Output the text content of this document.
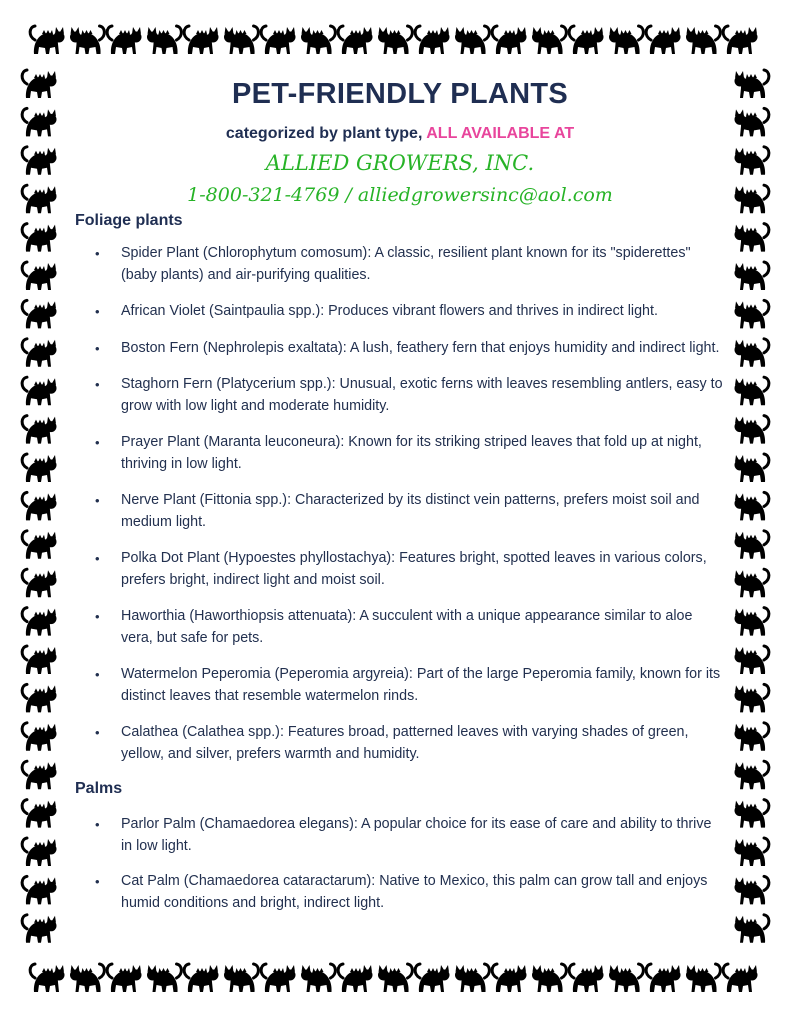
PET-FRIENDLY PLANTS
categorized by plant type, ALL AVAILABLE AT
ALLIED GROWERS, INC.
1-800-321-4769 / alliedgrowersinc@aol.com
Foliage plants
• Spider Plant (Chlorophytum comosum): A classic, resilient plant known for its "spiderettes" (baby plants) and air-purifying qualities.
• African Violet (Saintpaulia spp.): Produces vibrant flowers and thrives in indirect light.
• Boston Fern (Nephrolepis exaltata): A lush, feathery fern that enjoys humidity and indirect light.
• Staghorn Fern (Platycerium spp.): Unusual, exotic ferns with leaves resembling antlers, easy to grow with low light and moderate humidity.
• Prayer Plant (Maranta leuconeura): Known for its striking striped leaves that fold up at night, thriving in low light.
• Nerve Plant (Fittonia spp.): Characterized by its distinct vein patterns, prefers moist soil and medium light.
• Polka Dot Plant (Hypoestes phyllostachya): Features bright, spotted leaves in various colors, prefers bright, indirect light and moist soil.
• Haworthia (Haworthiopsis attenuata): A succulent with a unique appearance similar to aloe vera, but safe for pets.
• Watermelon Peperomia (Peperomia argyreia): Part of the large Peperomia family, known for its distinct leaves that resemble watermelon rinds.
• Calathea (Calathea spp.): Features broad, patterned leaves with varying shades of green, yellow, and silver, prefers warmth and humidity.
Palms
• Parlor Palm (Chamaedorea elegans): A popular choice for its ease of care and ability to thrive in low light.
• Cat Palm (Chamaedorea cataractarum): Native to Mexico, this palm can grow tall and enjoys humid conditions and bright, indirect light.
